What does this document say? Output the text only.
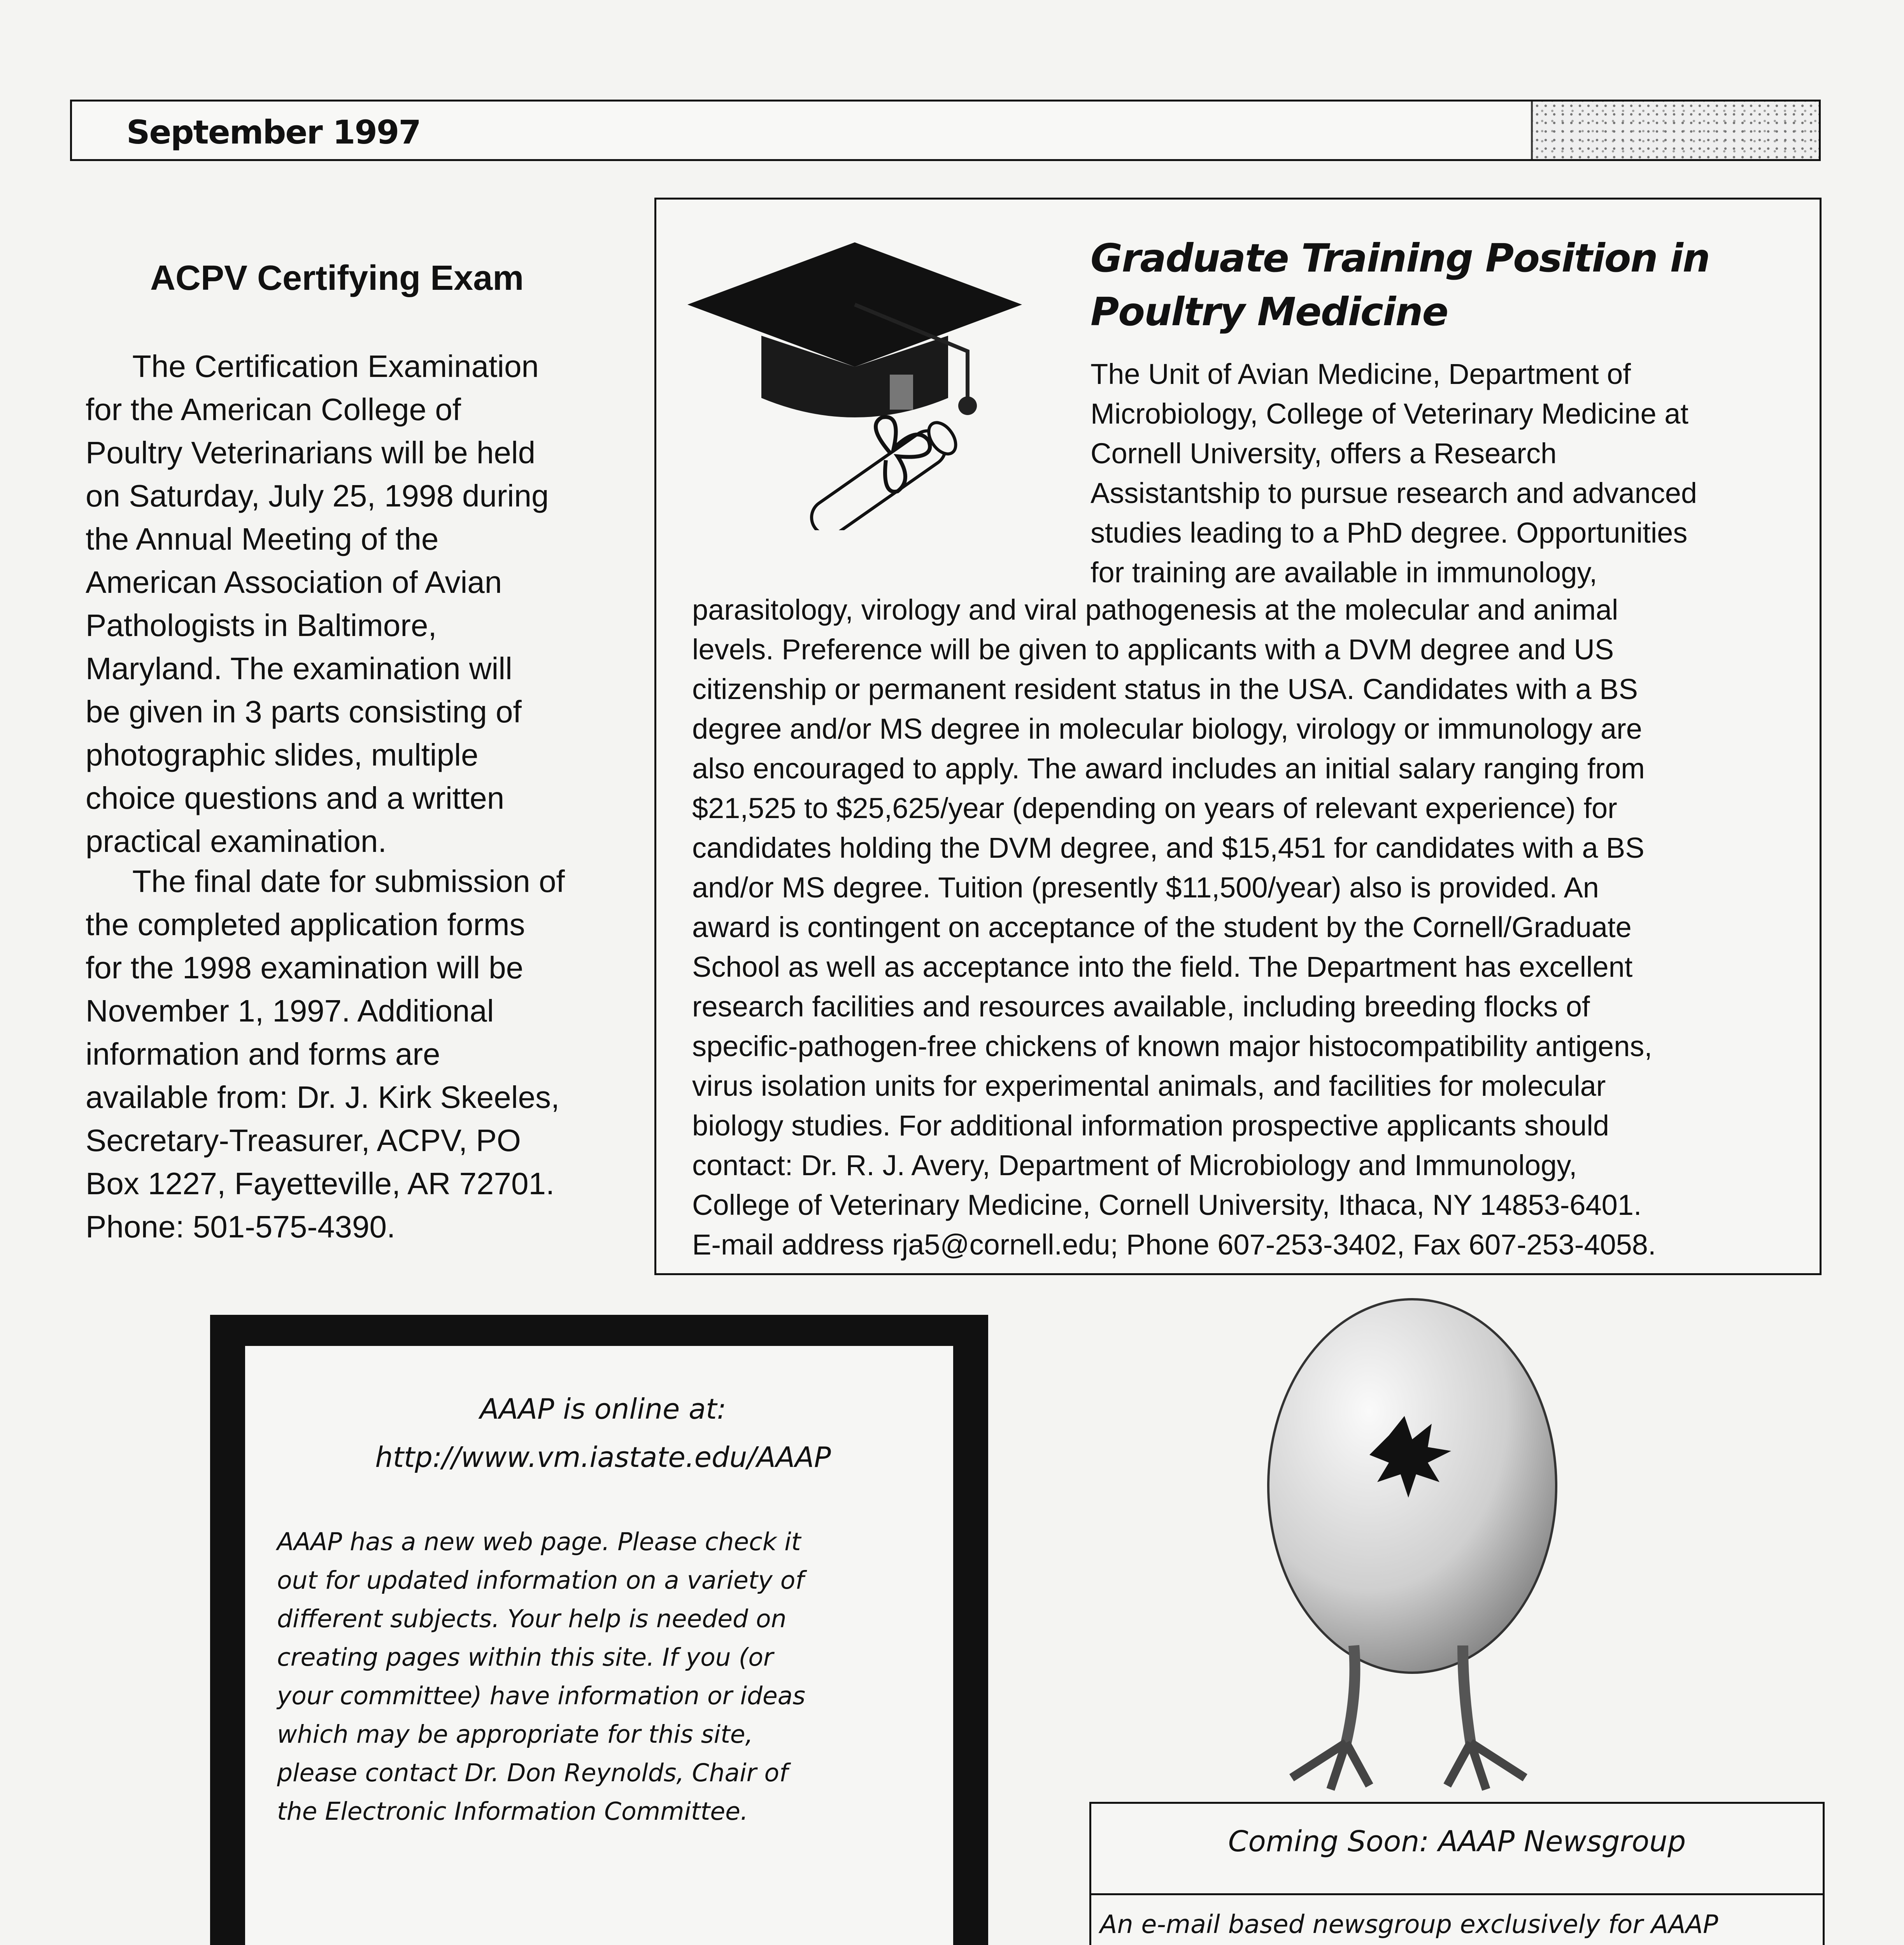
September 1997
ACPV Certifying Exam
The Certification Examination
for the American College of
Poultry Veterinarians will be held
on Saturday, July 25, 1998 during
the Annual Meeting of the
American Association of Avian
Pathologists in Baltimore,
Maryland. The examination will
be given in 3 parts consisting of
photographic slides, multiple
choice questions and a written
practical examination.
The final date for submission of
the completed application forms
for the 1998 examination will be
November 1, 1997. Additional
information and forms are
available from: Dr. J. Kirk Skeeles,
Secretary-Treasurer, ACPV, PO
Box 1227, Fayetteville, AR 72701.
Phone: 501-575-4390.
Graduate Training Position in
Poultry Medicine
The Unit of Avian Medicine, Department of
Microbiology, College of Veterinary Medicine at
Cornell University, offers a Research
Assistantship to pursue research and advanced
studies leading to a PhD degree. Opportunities
for training are available in immunology,
parasitology, virology and viral pathogenesis at the molecular and animal
levels. Preference will be given to applicants with a DVM degree and US
citizenship or permanent resident status in the USA. Candidates with a BS
degree and/or MS degree in molecular biology, virology or immunology are
also encouraged to apply. The award includes an initial salary ranging from
$21,525 to $25,625/year (depending on years of relevant experience) for
candidates holding the DVM degree, and $15,451 for candidates with a BS
and/or MS degree. Tuition (presently $11,500/year) also is provided. An
award is contingent on acceptance of the student by the Cornell/Graduate
School as well as acceptance into the field. The Department has excellent
research facilities and resources available, including breeding flocks of
specific-pathogen-free chickens of known major histocompatibility antigens,
virus isolation units for experimental animals, and facilities for molecular
biology studies. For additional information prospective applicants should
contact: Dr. R. J. Avery, Department of Microbiology and Immunology,
College of Veterinary Medicine, Cornell University, Ithaca, NY 14853-6401.
E-mail address rja5@cornell.edu; Phone 607-253-3402, Fax 607-253-4058.
AAAP is online at:
http://www.vm.iastate.edu/AAAP
AAAP has a new web page. Please check it
out for updated information on a variety of
different subjects. Your help is needed on
creating pages within this site. If you (or
your committee) have information or ideas
which may be appropriate for this site,
please contact Dr. Don Reynolds, Chair of
the Electronic Information Committee.
Coming Soon: AAAP Newsgroup
An e-mail based newsgroup exclusively for AAAP
